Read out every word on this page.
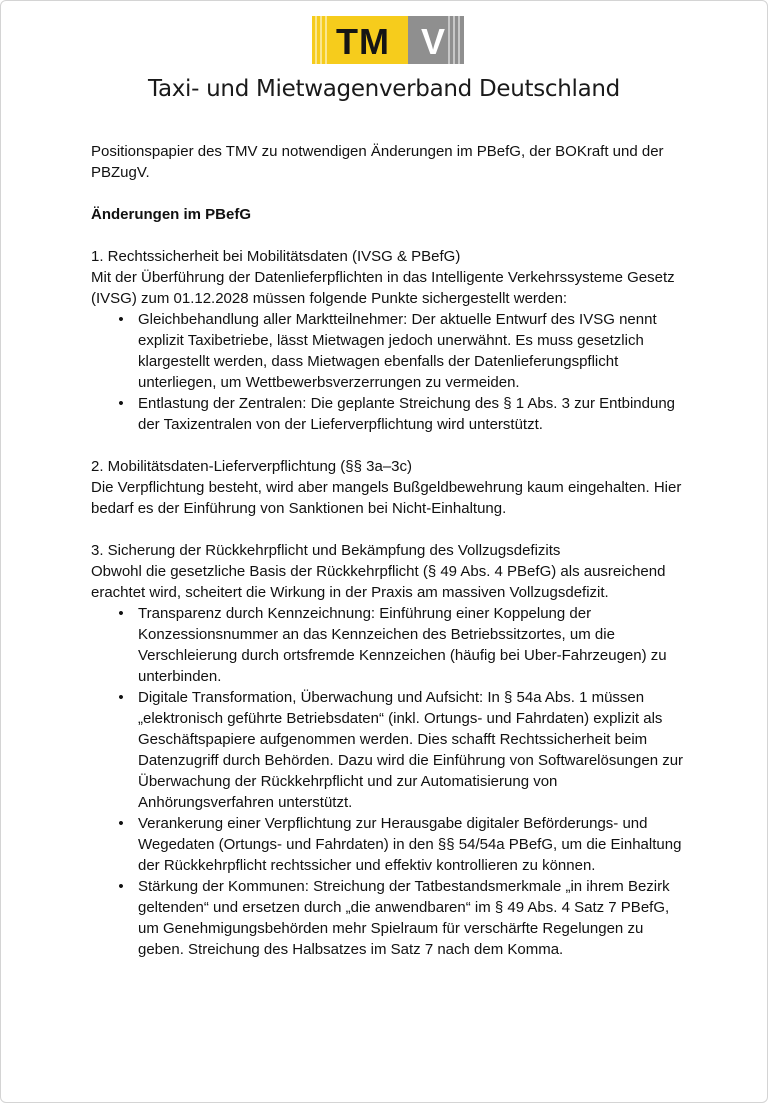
TM V
Taxi- und Mietwagenverband Deutschland

Positionspapier des TMV zu notwendigen Änderungen im PBefG, der BOKraft und der PBZugV.

Änderungen im PBefG

1. Rechtssicherheit bei Mobilitätsdaten (IVSG & PBefG)

Mit der Überführung der Datenlieferpflichten in das Intelligente Verkehrssysteme Gesetz (IVSG) zum 01.12.2028 müssen folgende Punkte sichergestellt werden:

• Gleichbehandlung aller Marktteilnehmer: Der aktuelle Entwurf des IVSG nennt explizit Taxibetriebe, lässt Mietwagen jedoch unerwähnt. Es muss gesetzlich klargestellt werden, dass Mietwagen ebenfalls der Datenlieferungspflicht unterliegen, um Wettbewerbsverzerrungen zu vermeiden.
• Entlastung der Zentralen: Die geplante Streichung des § 1 Abs. 3 zur Entbindung der Taxizentralen von der Lieferverpflichtung wird unterstützt.

2. Mobilitätsdaten-Lieferverpflichtung (§§ 3a–3c)

Die Verpflichtung besteht, wird aber mangels Bußgeldbewehrung kaum eingehalten. Hier bedarf es der Einführung von Sanktionen bei Nicht-Einhaltung.

3. Sicherung der Rückkehrpflicht und Bekämpfung des Vollzugsdefizits

Obwohl die gesetzliche Basis der Rückkehrpflicht (§ 49 Abs. 4 PBefG) als ausreichend erachtet wird, scheitert die Wirkung in der Praxis am massiven Vollzugsdefizit.

• Transparenz durch Kennzeichnung: Einführung einer Koppelung der Konzessionsnummer an das Kennzeichen des Betriebssitzortes, um die Verschleierung durch ortsfremde Kennzeichen (häufig bei Uber-Fahrzeugen) zu unterbinden.
• Digitale Transformation, Überwachung und Aufsicht: In § 54a Abs. 1 müssen „elektronisch geführte Betriebsdaten“ (inkl. Ortungs- und Fahrdaten) explizit als Geschäftspapiere aufgenommen werden. Dies schafft Rechtssicherheit beim Datenzugriff durch Behörden. Dazu wird die Einführung von Softwarelösungen zur Überwachung der Rückkehrpflicht und zur Automatisierung von Anhörungsverfahren unterstützt.
• Verankerung einer Verpflichtung zur Herausgabe digitaler Beförderungs- und Wegedaten (Ortungs- und Fahrdaten) in den §§ 54/54a PBefG, um die Einhaltung der Rückkehrpflicht rechtssicher und effektiv kontrollieren zu können.
• Stärkung der Kommunen: Streichung der Tatbestandsmerkmale „in ihrem Bezirk geltenden“ und ersetzen durch „die anwendbaren“ im § 49 Abs. 4 Satz 7 PBefG, um Genehmigungsbehörden mehr Spielraum für verschärfte Regelungen zu geben. Streichung des Halbsatzes im Satz 7 nach dem Komma.
